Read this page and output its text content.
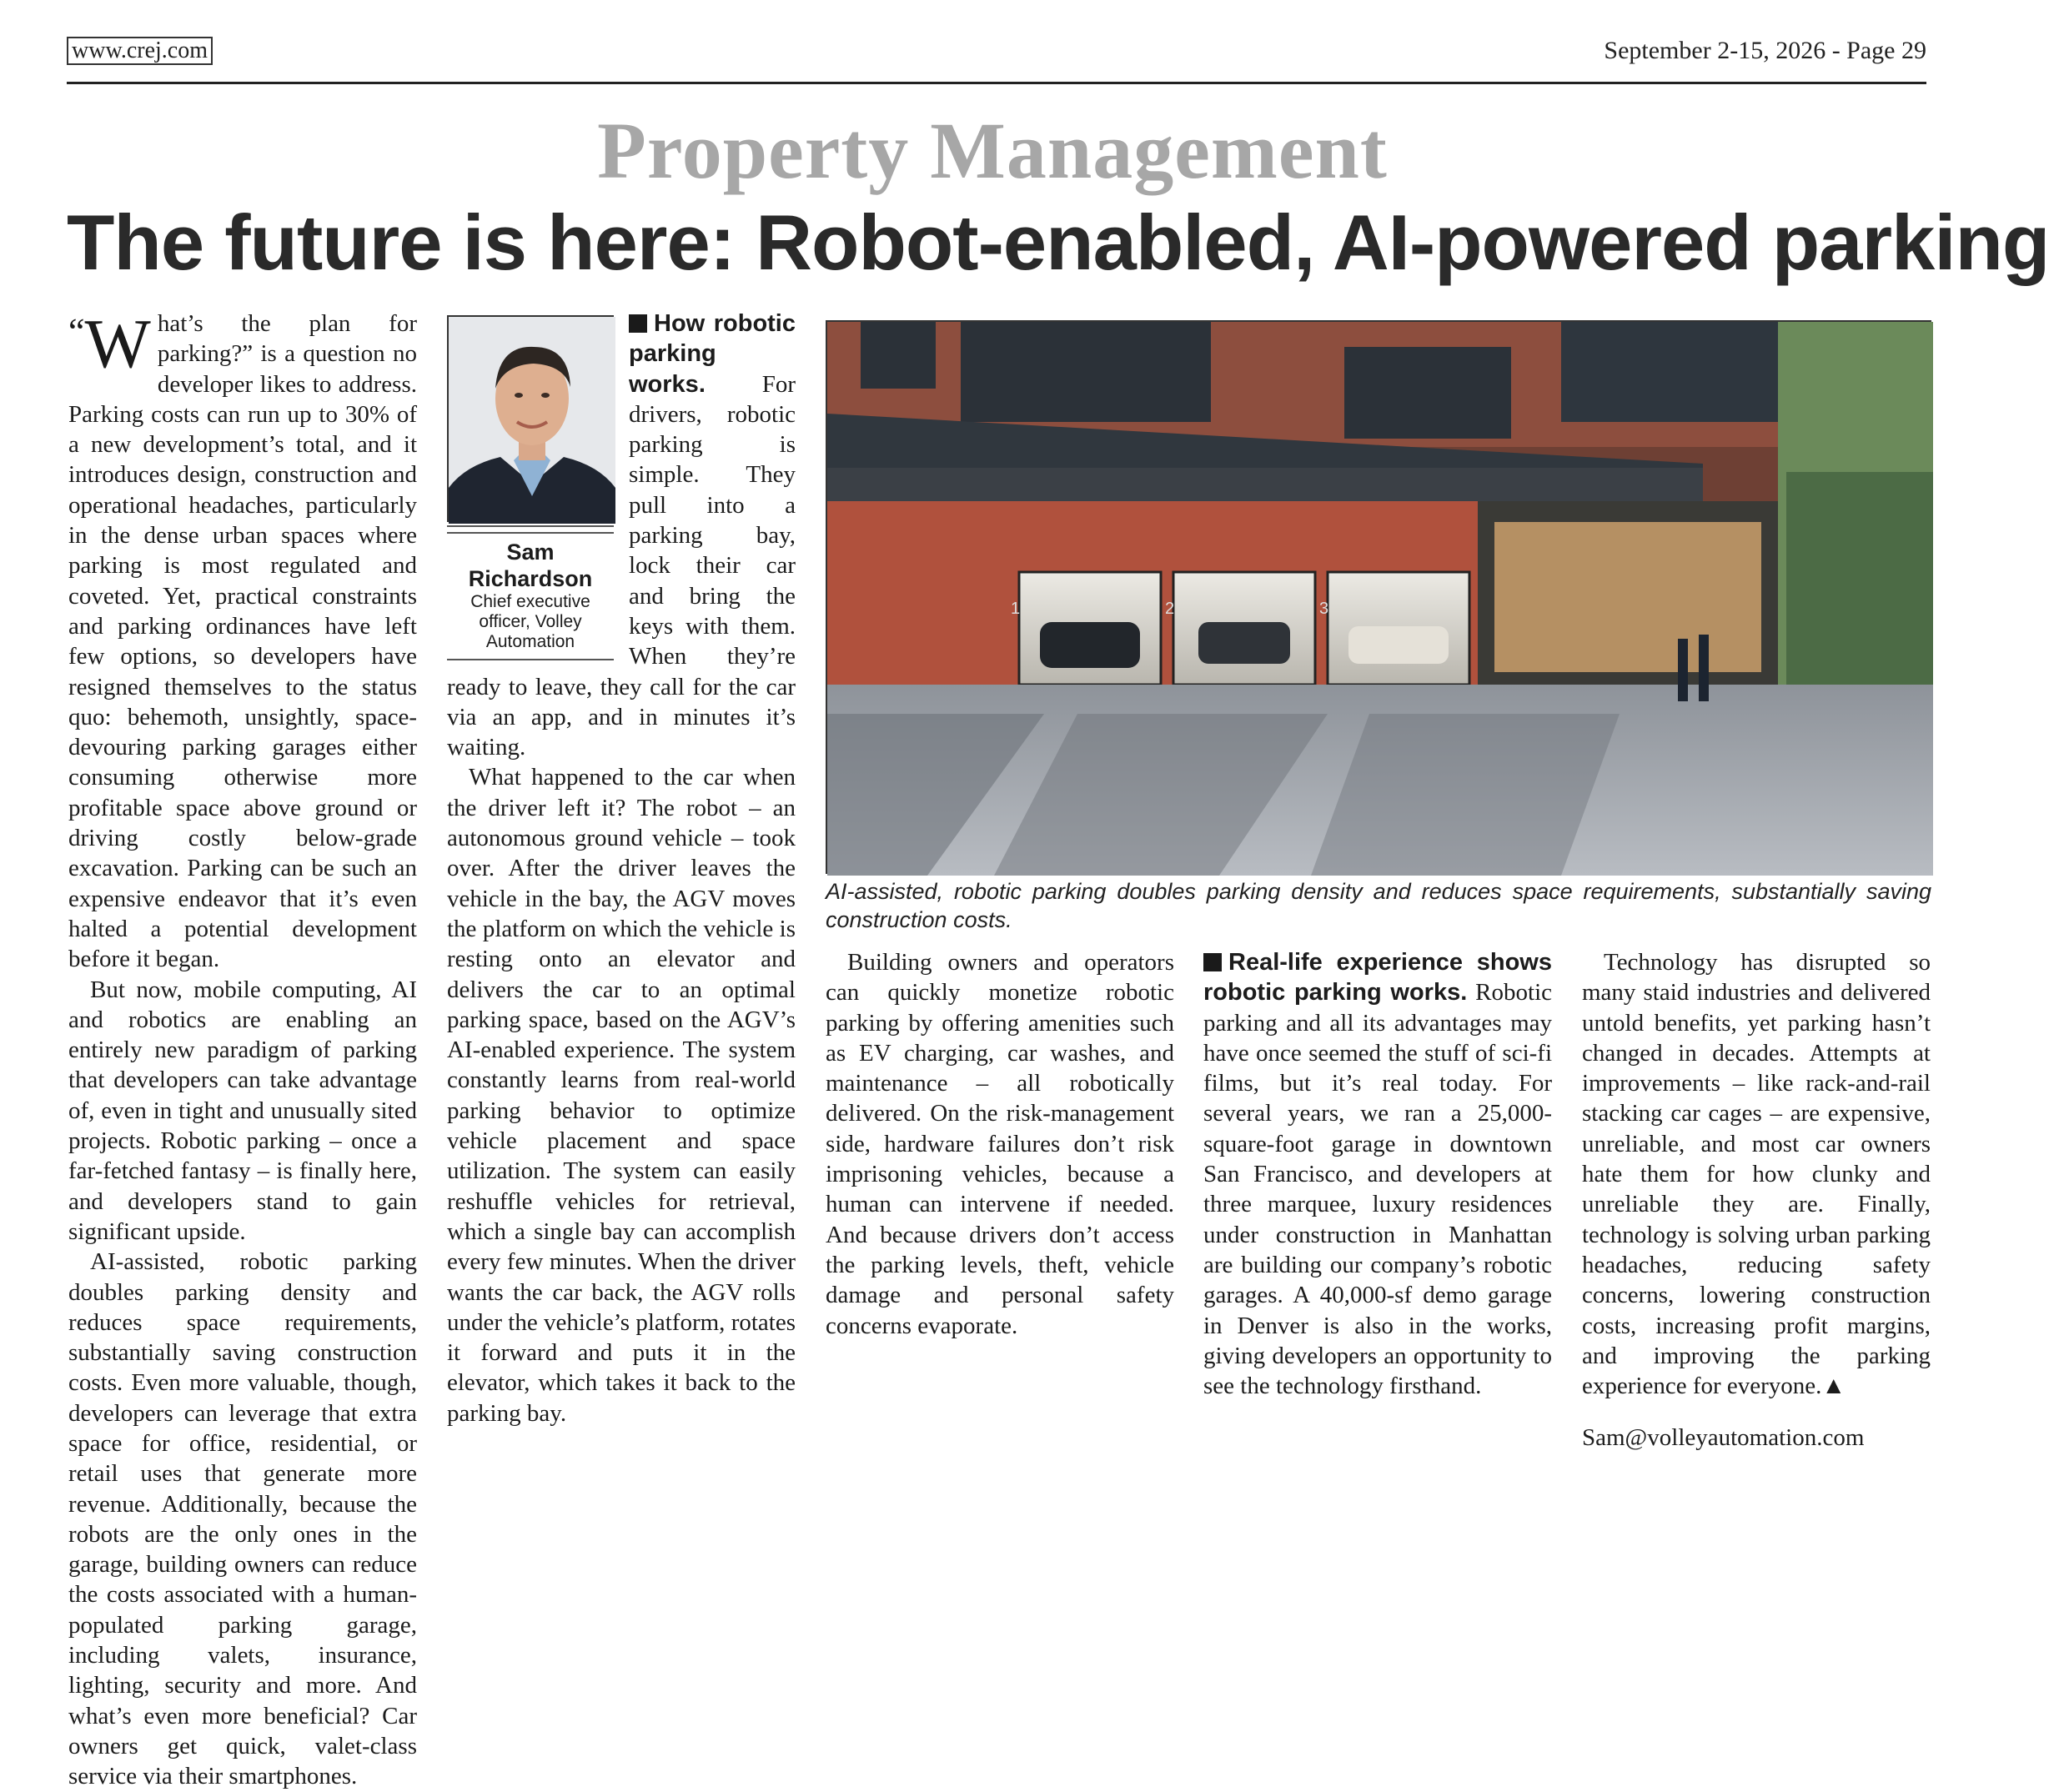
www.crej.com	September 2-15, 2026 - Page 29
Property Management
The future is here: Robot-enabled, AI-powered parking

“W hat’s the plan for parking?” is a question no developer likes to address. Parking costs can run up to 30% of a new development’s total, and it introduces design, construction and operational headaches, particularly in the dense urban spaces where parking is most regulated and coveted. Yet, practical constraints and parking ordinances have left few options, so developers have resigned themselves to the status quo: behemoth, unsightly, space-devouring parking garages either consuming otherwise more profitable space above ground or driving costly below-grade excavation. Parking can be such an expensive endeavor that it’s even halted a potential development before it began.

But now, mobile computing, AI and robotics are enabling an entirely new paradigm of parking that developers can take advantage of, even in tight and unusually sited projects. Robotic parking – once a far-fetched fantasy – is finally here, and developers stand to gain significant upside.

AI-assisted, robotic parking doubles parking density and reduces space requirements, substantially saving construction costs. Even more valuable, though, developers can leverage that extra space for office, residential, or retail uses that generate more revenue. Additionally, because the robots are the only ones in the garage, building owners can reduce the costs associated with a human-populated parking garage, including valets, insurance, lighting, security and more. And what’s even more beneficial? Car owners get quick, valet-class service via their smartphones.

Sam Richardson
Chief executive
officer, Volley
Automation

How robotic parking works. For drivers, robotic parking is simple. They pull into a parking bay, lock their car and bring the keys with them. When they’re ready to leave, they call for the car via an app, and in minutes it’s waiting.

What happened to the car when the driver left it? The robot – an autonomous ground vehicle – took over. After the driver leaves the vehicle in the bay, the AGV moves the platform on which the vehicle is resting onto an elevator and delivers the car to an optimal parking space, based on the AGV’s AI-enabled experience. The system constantly learns from real-world parking behavior to optimize vehicle placement and space utilization. The system can easily reshuffle vehicles for retrieval, which a single bay can accomplish every few minutes. When the driver wants the car back, the AGV rolls under the vehicle’s platform, rotates it forward and puts it in the elevator, which takes it back to the parking bay.

1	2	3
AI-assisted, robotic parking doubles parking density and reduces space requirements, substantially saving construction costs.

Building owners and operators can quickly monetize robotic parking by offering amenities such as EV charging, car washes, and maintenance – all robotically delivered. On the risk-management side, hardware failures don’t risk imprisoning vehicles, because a human can intervene if needed. And because drivers don’t access the parking levels, theft, vehicle damage and personal safety concerns evaporate.

Real-life experience shows robotic parking works. Robotic parking and all its advantages may have once seemed the stuff of sci-fi films, but it’s real today. For several years, we ran a 25,000-square-foot garage in downtown San Francisco, and developers at three marquee, luxury residences under construction in Manhattan are building our company’s robotic garages. A 40,000-sf demo garage in Denver is also in the works, giving developers an opportunity to see the technology firsthand.

Technology has disrupted so many staid industries and delivered untold benefits, yet parking hasn’t changed in decades. Attempts at improvements – like rack-and-rail stacking car cages – are expensive, unreliable, and most car owners hate them for how clunky and unreliable they are. Finally, technology is solving urban parking headaches, reducing safety concerns, lowering construction costs, increasing profit margins, and improving the parking experience for everyone.▲

Sam@volleyautomation.com
